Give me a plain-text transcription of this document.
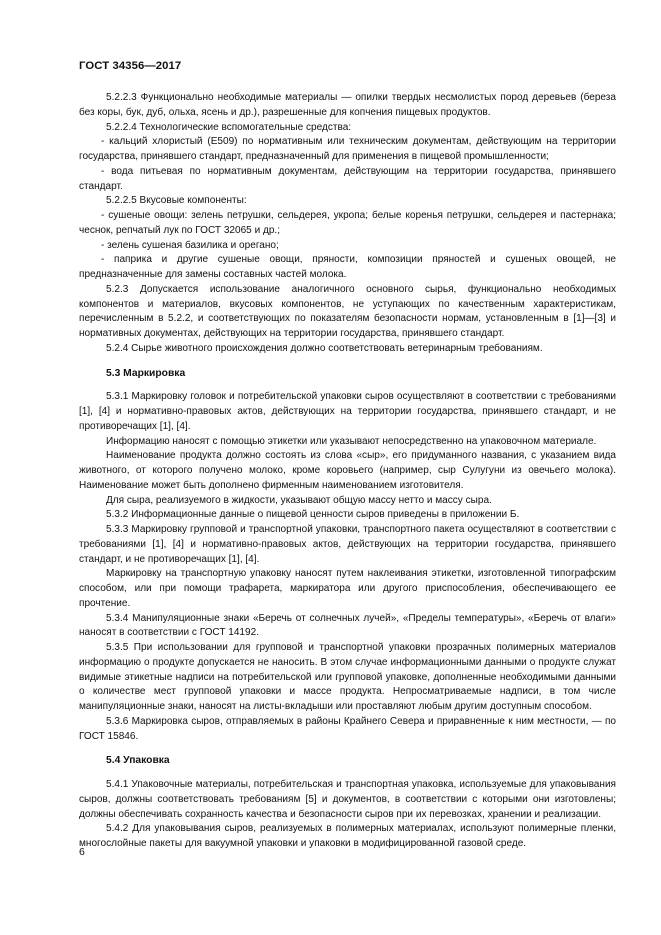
ГОСТ 34356—2017

5.2.2.3 Функционально необходимые материалы — опилки твердых несмолистых пород деревьев (береза без коры, бук, дуб, ольха, ясень и др.), разрешенные для копчения пищевых продуктов.

5.2.2.4 Технологические вспомогательные средства:

- кальций хлористый (Е509) по нормативным или техническим документам, действующим на территории государства, принявшего стандарт, предназначенный для применения в пищевой промышленности;

- вода питьевая по нормативным документам, действующим на территории государства, принявшего стандарт.

5.2.2.5 Вкусовые компоненты:

- сушеные овощи: зелень петрушки, сельдерея, укропа; белые коренья петрушки, сельдерея и пастернака; чеснок, репчатый лук по ГОСТ 32065 и др.;

- зелень сушеная базилика и орегано;

- паприка и другие сушеные овощи, пряности, композиции пряностей и сушеных овощей, не предназначенные для замены составных частей молока.

5.2.3 Допускается использование аналогичного основного сырья, функционально необходимых компонентов и материалов, вкусовых компонентов, не уступающих по качественным характеристикам, перечисленным в 5.2.2, и соответствующих по показателям безопасности нормам, установленным в [1]—[3] и нормативных документах, действующих на территории государства, принявшего стандарт.

5.2.4 Сырье животного происхождения должно соответствовать ветеринарным требованиям.

5.3 Маркировка

5.3.1 Маркировку головок и потребительской упаковки сыров осуществляют в соответствии с требованиями [1], [4] и нормативно-правовых актов, действующих на территории государства, принявшего стандарт, и не противоречащих [1], [4].

Информацию наносят с помощью этикетки или указывают непосредственно на упаковочном материале.

Наименование продукта должно состоять из слова «сыр», его придуманного названия, с указанием вида животного, от которого получено молоко, кроме коровьего (например, сыр Сулугуни из овечьего молока). Наименование может быть дополнено фирменным наименованием изготовителя.

Для сыра, реализуемого в жидкости, указывают общую массу нетто и массу сыра.

5.3.2 Информационные данные о пищевой ценности сыров приведены в приложении Б.

5.3.3 Маркировку групповой и транспортной упаковки, транспортного пакета осуществляют в соответствии с требованиями [1], [4] и нормативно-правовых актов, действующих на территории государства, принявшего стандарт, и не противоречащих [1], [4].

Маркировку на транспортную упаковку наносят путем наклеивания этикетки, изготовленной типографским способом, или при помощи трафарета, маркиратора или другого приспособления, обеспечивающего ее прочтение.

5.3.4 Манипуляционные знаки «Беречь от солнечных лучей», «Пределы температуры», «Беречь от влаги» наносят в соответствии с ГОСТ 14192.

5.3.5 При использовании для групповой и транспортной упаковки прозрачных полимерных материалов информацию о продукте допускается не наносить. В этом случае информационными данными о продукте служат видимые этикетные надписи на потребительской или групповой упаковке, дополненные необходимыми данными о количестве мест групповой упаковки и массе продукта. Непросматриваемые надписи, в том числе манипуляционные знаки, наносят на листы-вкладыши или проставляют любым другим доступным способом.

5.3.6 Маркировка сыров, отправляемых в районы Крайнего Севера и приравненные к ним местности, — по ГОСТ 15846.

5.4 Упаковка

5.4.1 Упаковочные материалы, потребительская и транспортная упаковка, используемые для упаковывания сыров, должны соответствовать требованиям [5] и документов, в соответствии с которыми они изготовлены; должны обеспечивать сохранность качества и безопасности сыров при их перевозках, хранении и реализации.

5.4.2 Для упаковывания сыров, реализуемых в полимерных материалах, используют полимерные пленки, многослойные пакеты для вакуумной упаковки и упаковки в модифицированной газовой среде.

6
